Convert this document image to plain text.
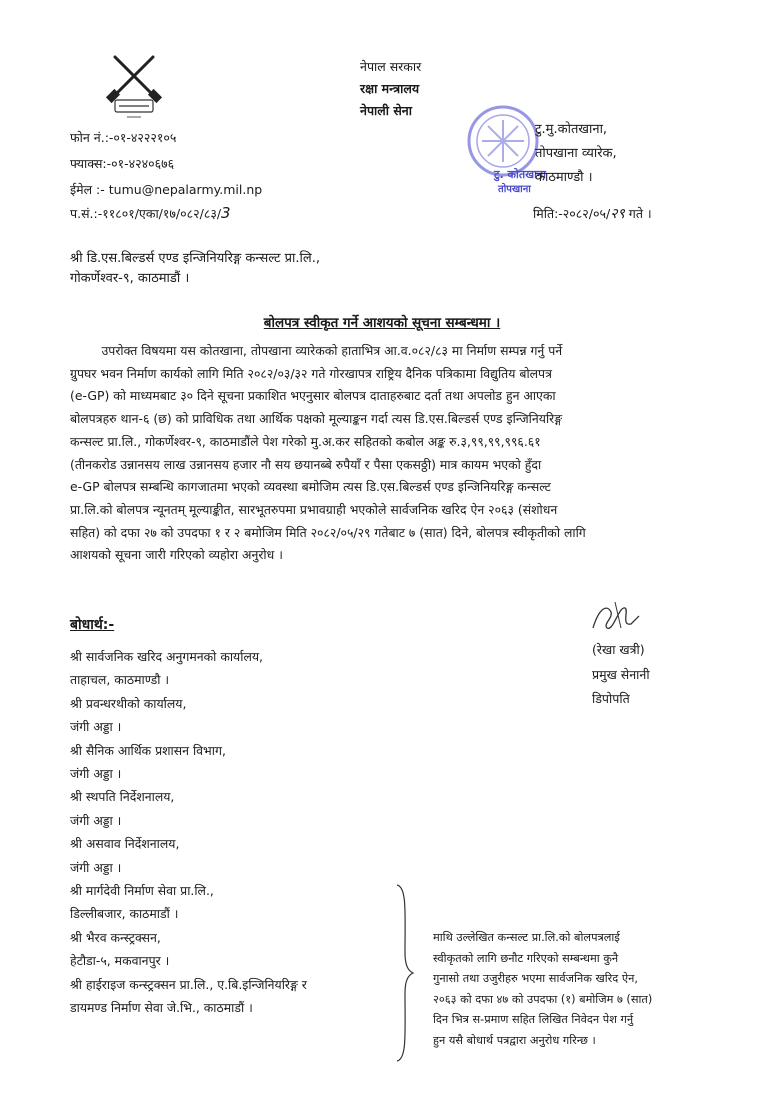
नेपाल सरकार
रक्षा मन्त्रालय
नेपाली सेना
टु. कोतखाना
तोपखाना
टु.मु.कोतखाना,
तोपखाना व्यारेक,
काठमाण्डौ ।
फोन नं.:-०१-४२२२१०५
फ्याक्स:-०१-४२४०६७६
ईमेल :- tumu@nepalarmy.mil.np
प.सं.:-११८०१/एका/१७/०८२/८३/3	मिति:-२०८२/०५/२९ गते ।
श्री डि.एस.बिल्डर्स एण्ड इन्जिनियरिङ्ग कन्सल्ट प्रा.लि.,
गोकर्णेश्वर-९, काठमाडौं ।
बोलपत्र स्वीकृत गर्ने आशयको सूचना सम्बन्धमा ।
उपरोक्त विषयमा यस कोतखाना, तोपखाना व्यारेकको हाताभित्र आ.व.०८२/८३ मा निर्माण सम्पन्न गर्नु पर्ने
ग्रुपघर भवन निर्माण कार्यको लागि मिति २०८२/०३/३२ गते गोरखापत्र राष्ट्रिय दैनिक पत्रिकामा विद्युतिय बोलपत्र
(e-GP) को माध्यमबाट ३० दिने सूचना प्रकाशित भएनुसार बोलपत्र दाताहरुबाट दर्ता तथा अपलोड हुन आएका
बोलपत्रहरु थान-६ (छ) को प्राविधिक तथा आर्थिक पक्षको मूल्याङ्कन गर्दा त्यस डि.एस.बिल्डर्स एण्ड इन्जिनियरिङ्ग
कन्सल्ट प्रा.लि., गोकर्णेश्वर-९, काठमाडौंले पेश गरेको मु.अ.कर सहितको कबोल अङ्क रु.३,९९,९९,९९६.६१
(तीनकरोड उन्नानसय लाख उन्नानसय हजार नौ सय छयानब्बे रुपैयाँ र पैसा एकसठ्ठी) मात्र कायम भएको हुँदा
e-GP बोलपत्र सम्बन्धि कागजातमा भएको व्यवस्था बमोजिम त्यस डि.एस.बिल्डर्स एण्ड इन्जिनियरिङ्ग कन्सल्ट
प्रा.लि.को बोलपत्र न्यूनतम् मूल्याङ्कीत, सारभूतरुपमा प्रभावग्राही भएकोले सार्वजनिक खरिद ऐन २०६३ (संशोधन
सहित) को दफा २७ को उपदफा १ र २ बमोजिम मिति २०८२/०५/२९ गतेबाट ७ (सात) दिने, बोलपत्र स्वीकृतीको लागि
आशयको सूचना जारी गरिएको व्यहोरा अनुरोध ।
(रेखा खत्री)
प्रमुख सेनानी
डिपोपति
बोधार्थ:-
श्री सार्वजनिक खरिद अनुगमनको कार्यालय,
ताहाचल, काठमाण्डौ ।
श्री प्रवन्धरथीको कार्यालय,
जंगी अड्डा ।
श्री सैनिक आर्थिक प्रशासन विभाग,
जंगी अड्डा ।
श्री स्थपति निर्देशनालय,
जंगी अड्डा ।
श्री असवाव निर्देशनालय,
जंगी अड्डा ।
श्री मार्गदेवी निर्माण सेवा प्रा.लि.,
डिल्लीबजार, काठमाडौं ।
श्री भैरव कन्स्ट्रक्सन,
हेटौडा-५, मकवानपुर ।
श्री हाईराइज कन्स्ट्रक्सन प्रा.लि., ए.बि.इन्जिनियरिङ्ग र
डायमण्ड निर्माण सेवा जे.भि., काठमाडौं ।
माथि उल्लेखित कन्सल्ट प्रा.लि.को बोलपत्रलाई
स्वीकृतको लागि छनौट गरिएको सम्बन्धमा कुनै
गुनासो तथा उजुरीहरु भएमा सार्वजनिक खरिद ऐन,
२०६३ को दफा ४७ को उपदफा (१) बमोजिम ७ (सात)
दिन भित्र स-प्रमाण सहित लिखित निवेदन पेश गर्नु
हुन यसै बोधार्थ पत्रद्वारा अनुरोध गरिन्छ ।
